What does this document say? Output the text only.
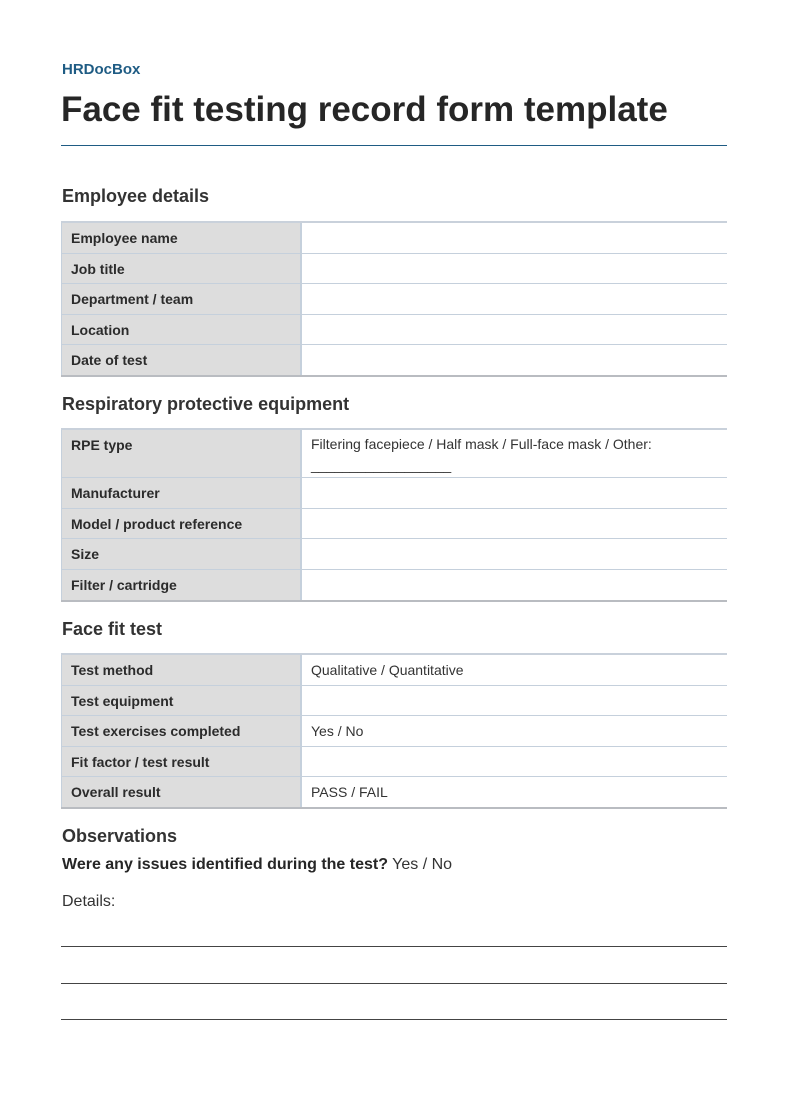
HRDocBox
Face fit testing record form template
Employee details
Employee name
Job title
Department / team
Location
Date of test
Respiratory protective equipment
RPE type	Filtering facepiece / Half mask / Full-face mask / Other:
__________________
Manufacturer
Model / product reference
Size
Filter / cartridge
Face fit test
Test method	Qualitative / Quantitative
Test equipment
Test exercises completed	Yes / No
Fit factor / test result
Overall result	PASS / FAIL
Observations
Were any issues identified during the test? Yes / No
Details:
